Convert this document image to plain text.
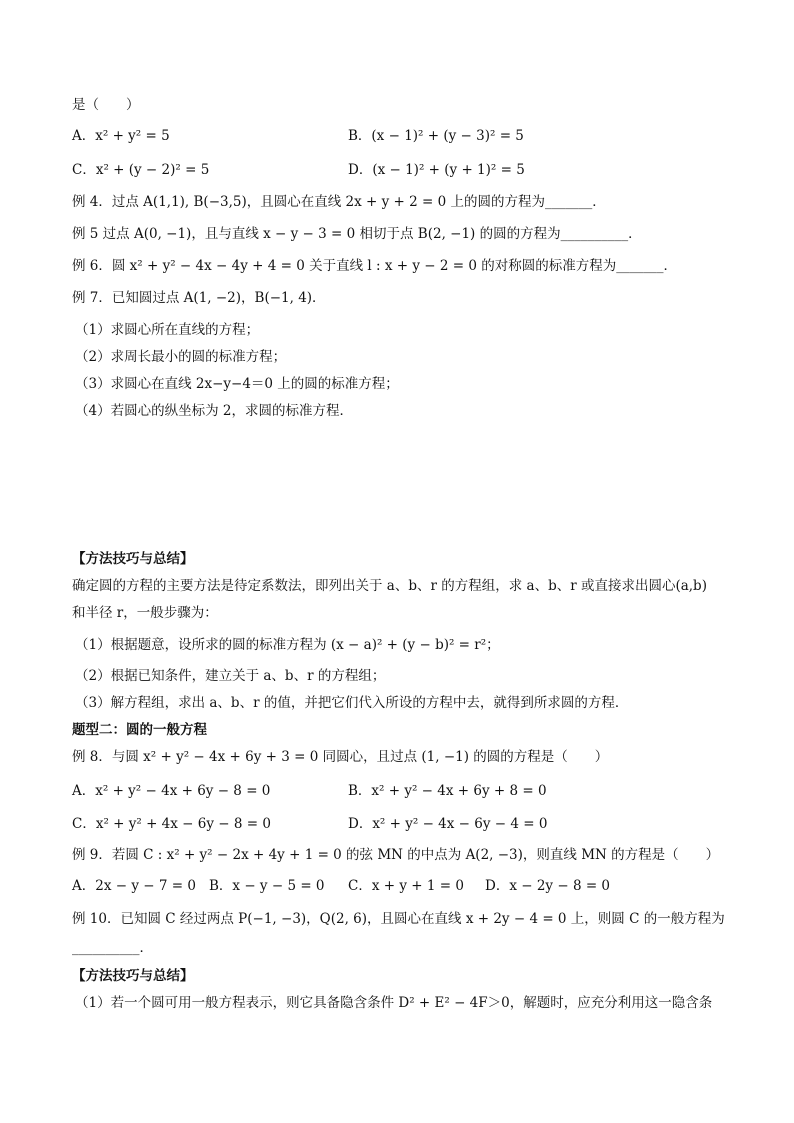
是（　　）
A．x² + y² = 5	B．(x − 1)² + (y − 3)² = 5
C．x² + (y − 2)² = 5	D．(x − 1)² + (y + 1)² = 5
例 4．过点 A(1,1), B(−3,5)，且圆心在直线 2x + y + 2 = 0 上的圆的方程为_______．
例 5 过点 A(0, −1)，且与直线 x − y − 3 = 0 相切于点 B(2, −1) 的圆的方程为__________．
例 6．圆 x² + y² − 4x − 4y + 4 = 0 关于直线 l : x + y − 2 = 0 的对称圆的标准方程为_______．
例 7．已知圆过点 A(1, −2)，B(−1, 4)．
（1）求圆心所在直线的方程；
（2）求周长最小的圆的标准方程；
（3）求圆心在直线 2x−y−4＝0 上的圆的标准方程；
（4）若圆心的纵坐标为 2，求圆的标准方程．
【方法技巧与总结】
确定圆的方程的主要方法是待定系数法，即列出关于 a、b、r 的方程组，求 a、b、r 或直接求出圆心(a,b)
和半径 r，一般步骤为：
（1）根据题意，设所求的圆的标准方程为 (x − a)² + (y − b)² = r²；
（2）根据已知条件，建立关于 a、b、r 的方程组；
（3）解方程组，求出 a、b、r 的值，并把它们代入所设的方程中去，就得到所求圆的方程．
题型二：圆的一般方程
例 8．与圆 x² + y² − 4x + 6y + 3 = 0 同圆心，且过点 (1, −1) 的圆的方程是（　　）
A．x² + y² − 4x + 6y − 8 = 0	B．x² + y² − 4x + 6y + 8 = 0
C．x² + y² + 4x − 6y − 8 = 0	D．x² + y² − 4x − 6y − 4 = 0
例 9．若圆 C : x² + y² − 2x + 4y + 1 = 0 的弦 MN 的中点为 A(2, −3)，则直线 MN 的方程是（　　）
A．2x − y − 7 = 0 B．x − y − 5 = 0 C．x + y + 1 = 0 D．x − 2y − 8 = 0
例 10．已知圆 C 经过两点 P(−1, −3)，Q(2, 6)，且圆心在直线 x + 2y − 4 = 0 上，则圆 C 的一般方程为
__________．
【方法技巧与总结】
（1）若一个圆可用一般方程表示，则它具备隐含条件 D² + E² − 4F＞0，解题时，应充分利用这一隐含条
